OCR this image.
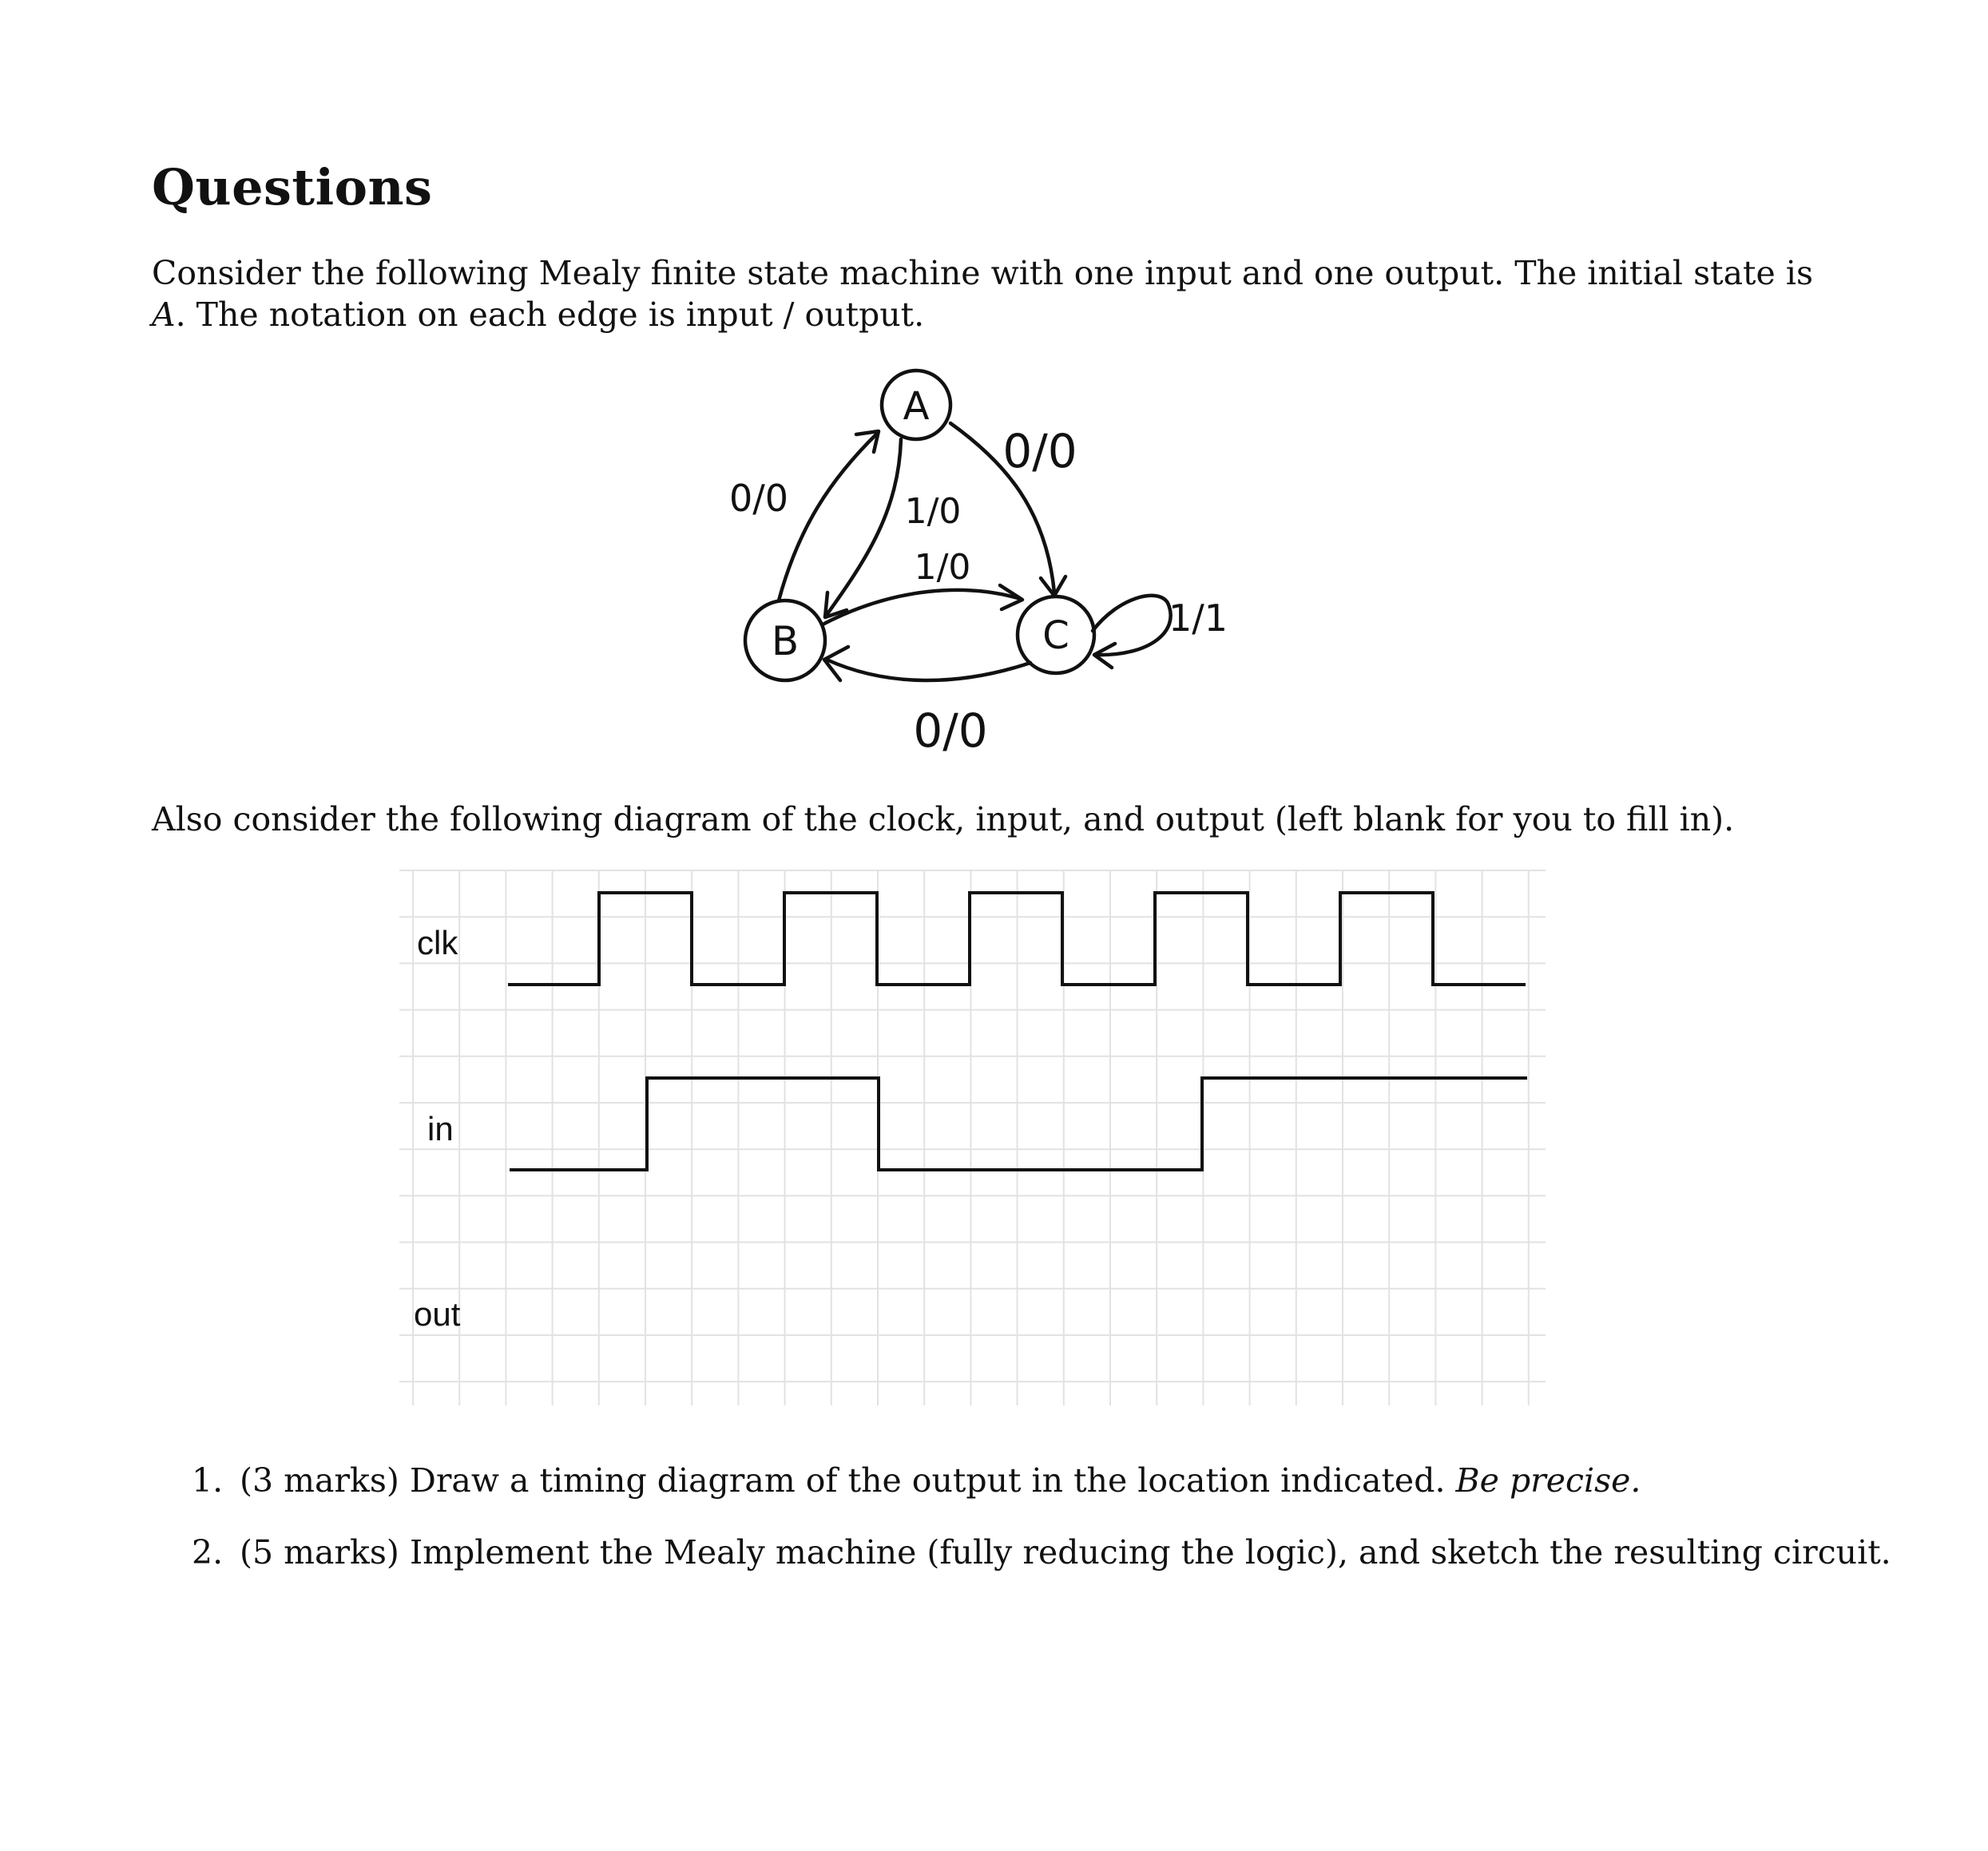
Questions

Consider the following Mealy finite state machine with one input and one output. The initial state is A. The notation on each edge is input / output.

A
B	C
0/0	1/0
0/0
1/0
0/0
1/1

Also consider the following diagram of the clock, input, and output (left blank for you to fill in).

clk
in
out
1. (3 marks) Draw a timing diagram of the output in the location indicated. Be precise.
2. (5 marks) Implement the Mealy machine (fully reducing the logic), and sketch the resulting circuit.
